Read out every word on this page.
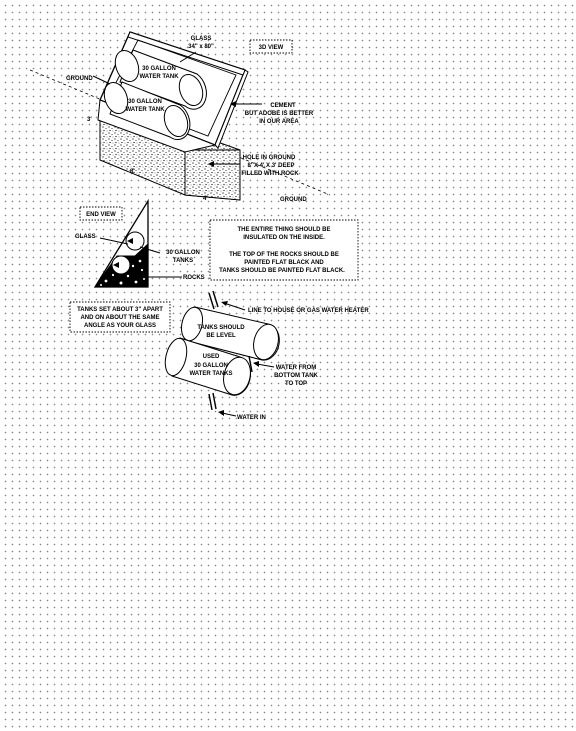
GLASS
34" x 80"	3D VIEW
30 GALLON
WATER TANK
30 GALLON
WATER TANK
GROUND
3'
CEMENT
BUT ADOBE IS BETTER
IN OUR AREA
HOLE IN GROUND
8' X 4' X 3' DEEP
FILLED WITH ROCK
8'
4'	GROUND
END VIEW
GLASS
30 GALLON
TANKS
ROCKS
THE ENTIRE THING SHOULD BE
INSULATED ON THE INSIDE.
THE TOP OF THE ROCKS SHOULD BE
PAINTED FLAT BLACK AND
TANKS SHOULD BE PAINTED FLAT BLACK.
TANKS SET ABOUT 3" APART
AND ON ABOUT THE SAME
ANGLE AS YOUR GLASS
LINE TO HOUSE OR GAS WATER HEATER
TANKS SHOULD
BE LEVEL
USED
30 GALLON
WATER TANKS
WATER FROM
BOTTOM TANK
TO TOP
WATER IN
